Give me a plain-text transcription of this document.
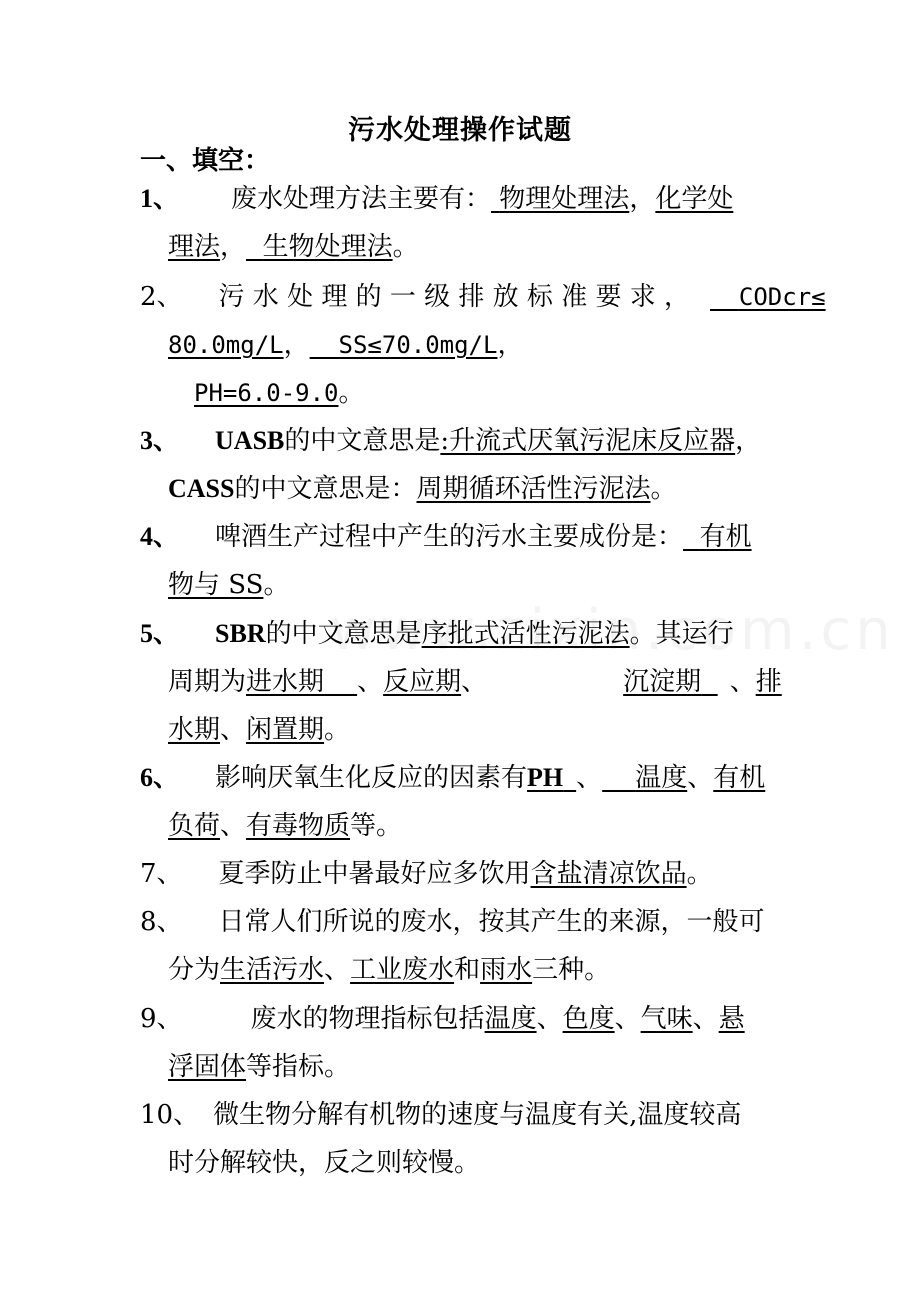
污水处理操作试题
一、填空：
1、 废水处理方法主要有： 物理处理法，化学处
理法， 生物处理法。
2、 污 水 处 理 的 一 级 排 放 标 准 要 求 ， CODcr≤
80.0mg/L， SS≤70.0mg/L，
PH=6.0-9.0。
3、 UASB的中文意思是:升流式厌氧污泥床反应器，
CASS的中文意思是：周期循环活性污泥法。
4、 啤酒生产过程中产生的污水主要成份是： 有机
物与 SS。
5、 SBR的中文意思是序批式活性污泥法。其运行
周期为进水期 、反应期、	沉淀期 、排
水期、闲置期。
6、 影响厌氧生化反应的因素有PH 、 温度、有机
负荷、有毒物质等。
7、 夏季防止中暑最好应多饮用含盐清凉饮品。
8、 日常人们所说的废水，按其产生的来源，一般可
分为生活污水、工业废水和雨水三种。
9、	废水的物理指标包括温度、色度、气味、悬
浮固体等指标。
10、 微生物分解有机物的速度与温度有关,温度较高
时分解较快，反之则较慢。
